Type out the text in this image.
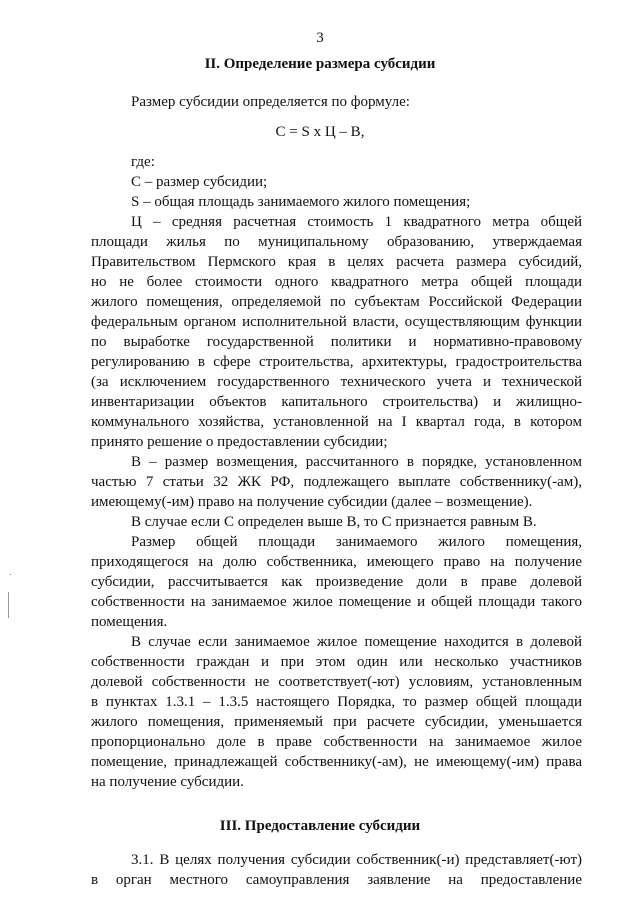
3
II. Определение размера субсидии
Размер субсидии определяется по формуле:
С = S х Ц – В,
где:
С – размер субсидии;
S – общая площадь занимаемого жилого помещения;
Ц – средняя расчетная стоимость 1 квадратного метра общей
площади жилья по муниципальному образованию, утверждаемая
Правительством Пермского края в целях расчета размера субсидий,
но не более стоимости одного квадратного метра общей площади
жилого помещения, определяемой по субъектам Российской Федерации
федеральным органом исполнительной власти, осуществляющим функции
по выработке государственной политики и нормативно-правовому
регулированию в сфере строительства, архитектуры, градостроительства
(за исключением государственного технического учета и технической
инвентаризации объектов капитального строительства) и жилищно-
коммунального хозяйства, установленной на I квартал года, в котором
принято решение о предоставлении субсидии;
В – размер возмещения, рассчитанного в порядке, установленном
частью 7 статьи 32 ЖК РФ, подлежащего выплате собственнику(-ам),
имеющему(-им) право на получение субсидии (далее – возмещение).
В случае если С определен выше В, то С признается равным В.
Размер общей площади занимаемого жилого помещения,
приходящегося на долю собственника, имеющего право на получение
субсидии, рассчитывается как произведение доли в праве долевой
собственности на занимаемое жилое помещение и общей площади такого
помещения.
В случае если занимаемое жилое помещение находится в долевой
собственности граждан и при этом один или несколько участников
долевой собственности не соответствует(-ют) условиям, установленным
в пунктах 1.3.1 – 1.3.5 настоящего Порядка, то размер общей площади
жилого помещения, применяемый при расчете субсидии, уменьшается
пропорционально доле в праве собственности на занимаемое жилое
помещение, принадлежащей собственнику(-ам), не имеющему(-им) права
на получение субсидии.
III. Предоставление субсидии
3.1. В целях получения субсидии собственник(-и) представляет(-ют)
в орган местного самоуправления заявление на предоставление
˙
